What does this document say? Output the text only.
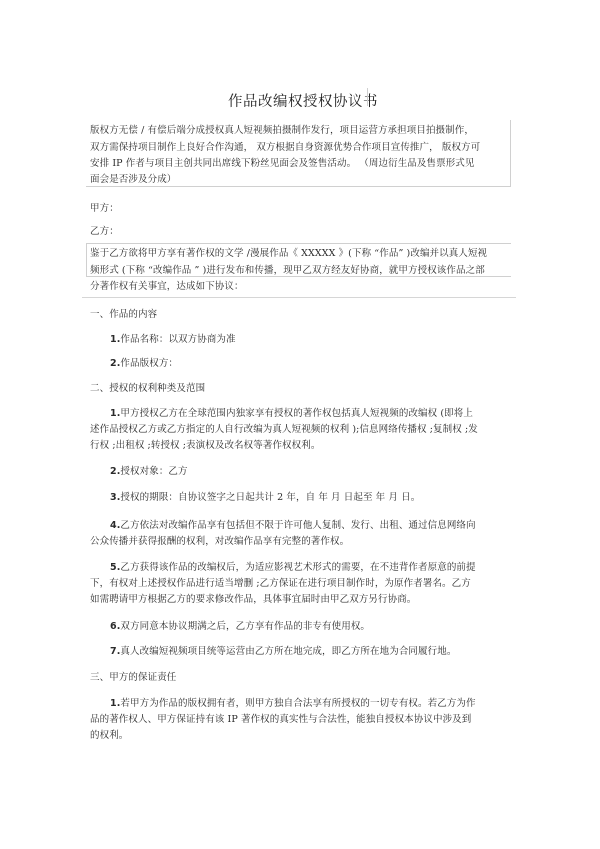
作品改编权授权协议书
版权方无偿 / 有偿后端分成授权真人短视频拍摄制作发行，项目运营方承担项目拍摄制作，
双方需保持项目制作上良好合作沟通， 双方根据自身资源优势合作项目宣传推广， 版权方可
安排 IP 作者与项目主创共同出席线下粉丝见面会及签售活动。 （周边衍生品及售票形式见
面会是否涉及分成）
甲方：
乙方：
鉴于乙方欲将甲方享有著作权的文学 /漫展作品《 XXXXX 》(下称 “作品” )改编并以真人短视
频形式 (下称 “改编作品 ” )进行发布和传播，现甲乙双方经友好协商，就甲方授权该作品之部
分著作权有关事宜，达成如下协议：
一、作品的内容
1.作品名称：以双方协商为准
2.作品版权方：
二、授权的权利种类及范围
1.甲方授权乙方在全球范围内独家享有授权的著作权包括真人短视频的改编权 (即将上
述作品授权乙方或乙方指定的人自行改编为真人短视频的权利 );信息网络传播权 ;复制权 ;发
行权 ;出租权 ;转授权 ;表演权及改名权等著作权权利。
2.授权对象：乙方
3.授权的期限：自协议签字之日起共计 2 年，自 年 月 日起至 年 月 日。
4.乙方依法对改编作品享有包括但不限于许可他人复制、发行、出租、通过信息网络向
公众传播并获得报酬的权利，对改编作品享有完整的著作权。
5.乙方获得该作品的改编权后，为适应影视艺术形式的需要，在不违背作者原意的前提
下，有权对上述授权作品进行适当增删 ;乙方保证在进行项目制作时，为原作者署名。乙方
如需聘请甲方根据乙方的要求修改作品，具体事宜届时由甲乙双方另行协商。
6.双方同意本协议期满之后，乙方享有作品的非专有使用权。
7.真人改编短视频项目统等运营由乙方所在地完成，即乙方所在地为合同履行地。
三、甲方的保证责任
1.若甲方为作品的版权拥有者，则甲方独自合法享有所授权的一切专有权。若乙方为作
品的著作权人、甲方保证持有该 IP 著作权的真实性与合法性，能独自授权本协议中涉及到
的权利。
